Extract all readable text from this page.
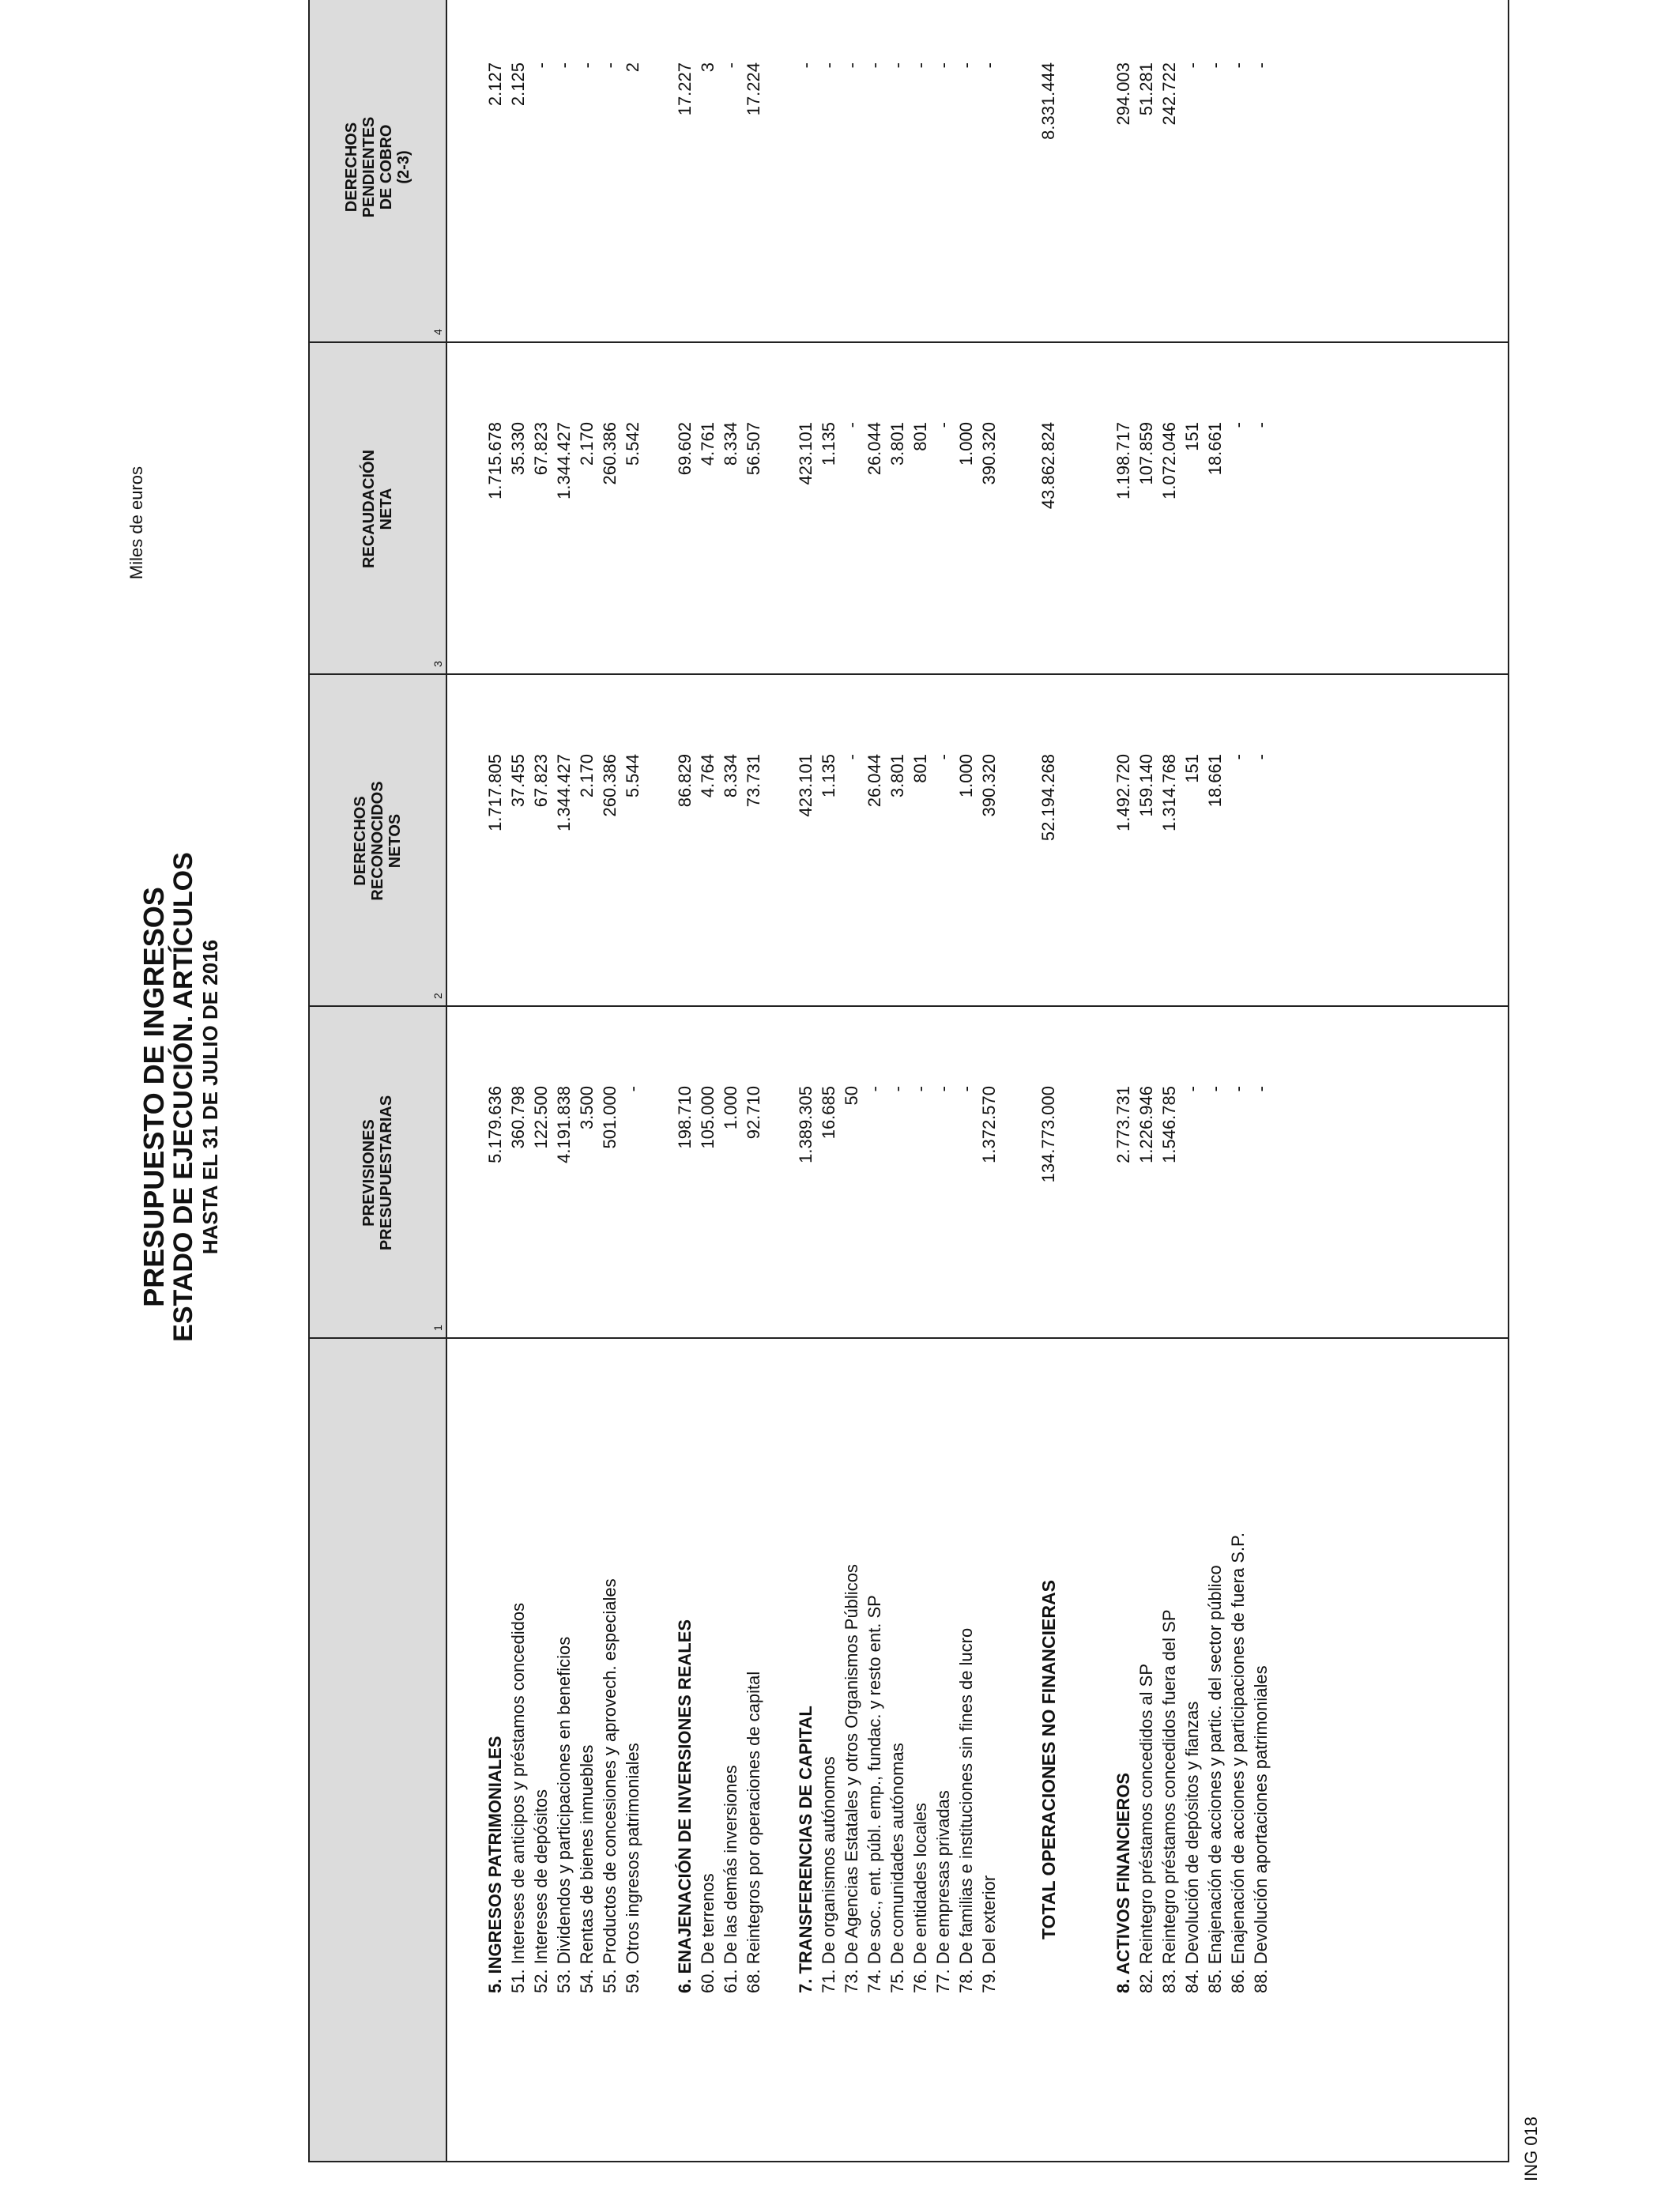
PRESUPUESTO DE INGRESOS
ESTADO DE EJECUCIÓN. ARTÍCULOS HASTA EL 31 DE JULIO DE 2016
Miles de euros
ING 018
PREVISIONES
PRESUPUESTARIAS
DERECHOS
RECONOCIDOS
NETOS
RECAUDACIÓN
NETA
DERECHOS
PENDIENTES
DE COBRO
(2-3)
1
2
3
4
5. INGRESOS PATRIMONIALES
5.179.636
1.717.805
1.715.678
2.127
51. Intereses de anticipos y préstamos concedidos
360.798
37.455
35.330
2.125
52. Intereses de depósitos
122.500
67.823
67.823
-
53. Dividendos y participaciones en beneficios
4.191.838
1.344.427
1.344.427
-
54. Rentas de bienes inmuebles
3.500
2.170
2.170
-
55. Productos de concesiones y aprovech. especiales
501.000
260.386
260.386
-
59. Otros ingresos patrimoniales
-
5.544
5.542
2
6. ENAJENACIÓN DE INVERSIONES REALES
198.710
86.829
69.602
17.227
60. De terrenos
105.000
4.764
4.761
3
61. De las demás inversiones
1.000
8.334
8.334
-
68. Reintegros por operaciones de capital
92.710
73.731
56.507
17.224
7. TRANSFERENCIAS DE CAPITAL
1.389.305
423.101
423.101
-
71. De organismos autónomos
16.685
1.135
1.135
-
73. De Agencias Estatales y otros Organismos Públicos
50
-
-
-
74. De soc., ent. públ. emp., fundac. y resto ent. SP
-
26.044
26.044
-
75. De comunidades autónomas
-
3.801
3.801
-
76. De entidades locales
-
801
801
-
77. De empresas privadas
-
-
-
-
78. De familias e instituciones sin fines de lucro
-
1.000
1.000
-
79. Del exterior
1.372.570
390.320
390.320
-
TOTAL OPERACIONES NO FINANCIERAS
134.773.000
52.194.268
43.862.824
8.331.444
8. ACTIVOS FINANCIEROS
2.773.731
1.492.720
1.198.717
294.003
82. Reintegro préstamos concedidos al SP
1.226.946
159.140
107.859
51.281
83. Reintegro préstamos concedidos fuera del SP
1.546.785
1.314.768
1.072.046
242.722
84. Devolución de depósitos y fianzas
-
151
151
-
85. Enajenación de acciones y partic. del sector público
-
18.661
18.661
-
86. Enajenación de acciones y participaciones de fuera S.P.
-
-
-
-
88. Devolución aportaciones patrimoniales
-
-
-
-
